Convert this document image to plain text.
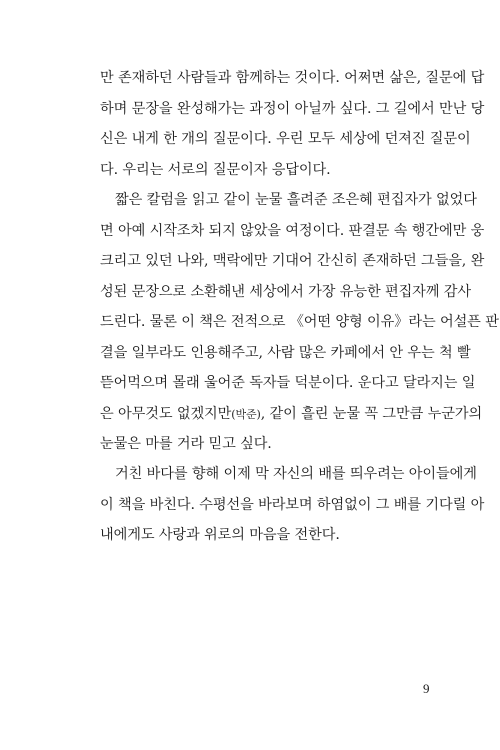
만 존재하던 사람들과 함께하는 것이다. 어쩌면 삶은, 질문에 답
하며 문장을 완성해가는 과정이 아닐까 싶다. 그 길에서 만난 당
신은 내게 한 개의 질문이다. 우린 모두 세상에 던져진 질문이
다. 우리는 서로의 질문이자 응답이다.
짧은 칼럼을 읽고 같이 눈물 흘려준 조은혜 편집자가 없었다
면 아예 시작조차 되지 않았을 여정이다. 판결문 속 행간에만 웅
크리고 있던 나와, 맥락에만 기대어 간신히 존재하던 그들을, 완
성된 문장으로 소환해낸 세상에서 가장 유능한 편집자께 감사
드린다. 물론 이 책은 전적으로 《어떤 양형 이유》라는 어설픈 판
결을 일부라도 인용해주고, 사람 많은 카페에서 안 우는 척 빨
뜯어먹으며 몰래 울어준 독자들 덕분이다. 운다고 달라지는 일
은 아무것도 없겠지만(박준), 같이 흘린 눈물 꼭 그만큼 누군가의
눈물은 마를 거라 믿고 싶다.
거친 바다를 향해 이제 막 자신의 배를 띄우려는 아이들에게
이 책을 바친다. 수평선을 바라보며 하염없이 그 배를 기다릴 아
내에게도 사랑과 위로의 마음을 전한다.
9
